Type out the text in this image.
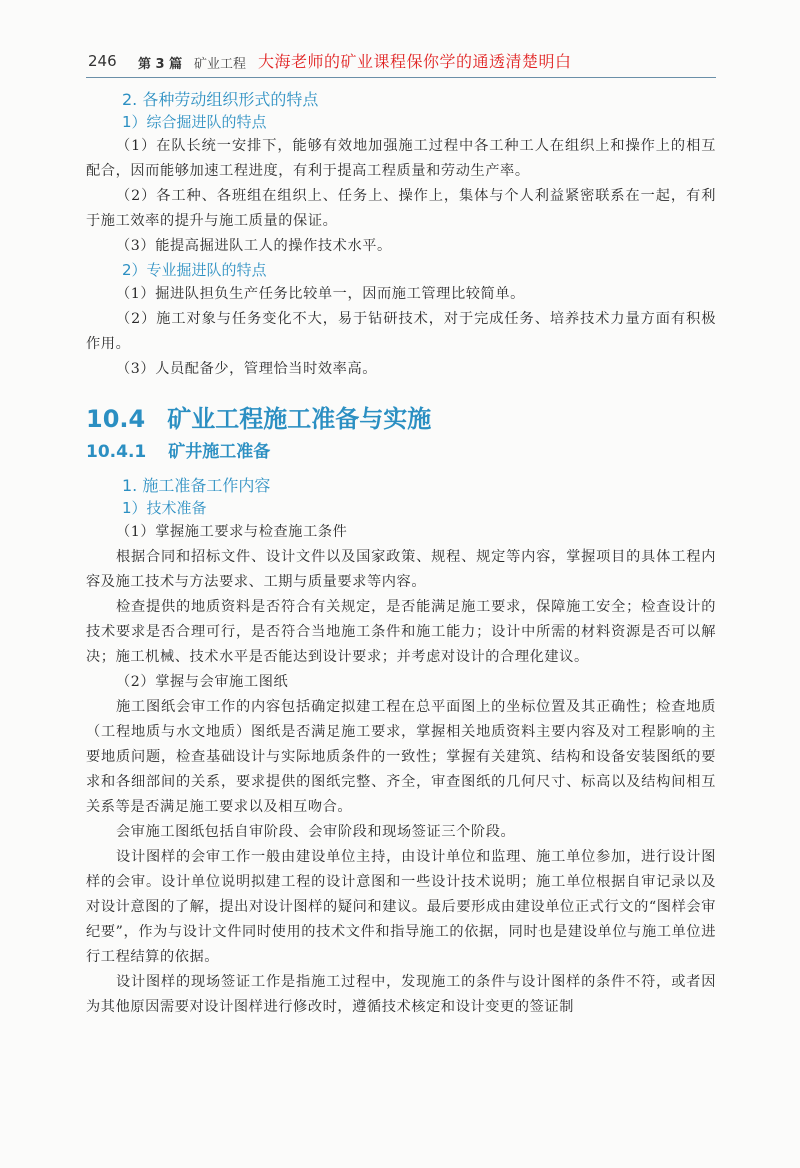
246 第 3 篇 矿业工程 大海老师的矿业课程保你学的通透清楚明白

2. 各种劳动组织形式的特点

1）综合掘进队的特点

（1）在队长统一安排下，能够有效地加强施工过程中各工种工人在组织上和操作上的相互配合，因而能够加速工程进度，有利于提高工程质量和劳动生产率。

（2）各工种、各班组在组织上、任务上、操作上，集体与个人利益紧密联系在一起，有利于施工效率的提升与施工质量的保证。

（3）能提高掘进队工人的操作技术水平。

2）专业掘进队的特点

（1）掘进队担负生产任务比较单一，因而施工管理比较简单。

（2）施工对象与任务变化不大，易于钻研技术，对于完成任务、培养技术力量方面有积极作用。

（3）人员配备少，管理恰当时效率高。

10.4 矿业工程施工准备与实施

10.4.1 矿井施工准备

1. 施工准备工作内容

1）技术准备

（1）掌握施工要求与检查施工条件

根据合同和招标文件、设计文件以及国家政策、规程、规定等内容，掌握项目的具体工程内容及施工技术与方法要求、工期与质量要求等内容。

检查提供的地质资料是否符合有关规定，是否能满足施工要求，保障施工安全；检查设计的技术要求是否合理可行，是否符合当地施工条件和施工能力；设计中所需的材料资源是否可以解决；施工机械、技术水平是否能达到设计要求；并考虑对设计的合理化建议。

（2）掌握与会审施工图纸

施工图纸会审工作的内容包括确定拟建工程在总平面图上的坐标位置及其正确性；检查地质（工程地质与水文地质）图纸是否满足施工要求，掌握相关地质资料主要内容及对工程影响的主要地质问题，检查基础设计与实际地质条件的一致性；掌握有关建筑、结构和设备安装图纸的要求和各细部间的关系，要求提供的图纸完整、齐全，审查图纸的几何尺寸、标高以及结构间相互关系等是否满足施工要求以及相互吻合。

会审施工图纸包括自审阶段、会审阶段和现场签证三个阶段。

设计图样的会审工作一般由建设单位主持，由设计单位和监理、施工单位参加，进行设计图样的会审。设计单位说明拟建工程的设计意图和一些设计技术说明；施工单位根据自审记录以及对设计意图的了解，提出对设计图样的疑问和建议。最后要形成由建设单位正式行文的“图样会审纪要”，作为与设计文件同时使用的技术文件和指导施工的依据，同时也是建设单位与施工单位进行工程结算的依据。

设计图样的现场签证工作是指施工过程中，发现施工的条件与设计图样的条件不符，或者因为其他原因需要对设计图样进行修改时，遵循技术核定和设计变更的签证制
